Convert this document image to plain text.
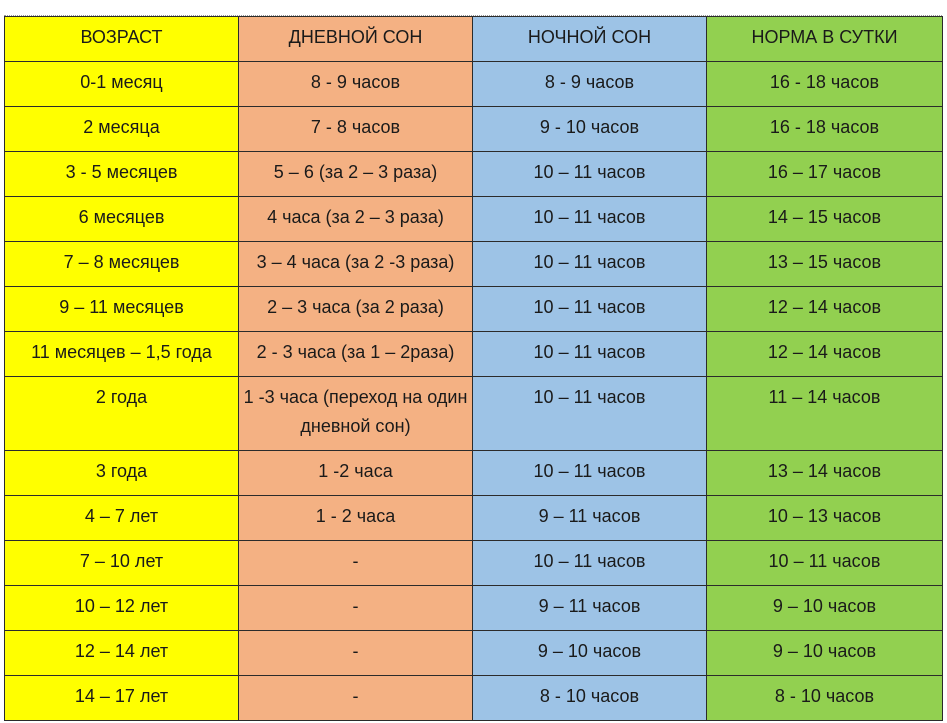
ВОЗРАСТ	ДНЕВНОЙ СОН	НОЧНОЙ СОН	НОРМА В СУТКИ
0-1 месяц	8 - 9 часов	8 - 9 часов	16 - 18 часов
2 месяца	7 - 8 часов	9 - 10 часов	16 - 18 часов
3 - 5 месяцев	5 – 6 (за 2 – 3 раза)	10 – 11 часов	16 – 17 часов
6 месяцев	4 часа (за 2 – 3 раза)	10 – 11 часов	14 – 15 часов
7 – 8 месяцев	3 – 4 часа (за 2 -3 раза)	10 – 11 часов	13 – 15 часов
9 – 11 месяцев	2 – 3 часа (за 2 раза)	10 – 11 часов	12 – 14 часов
11 месяцев – 1,5 года	2 - 3 часа (за 1 – 2раза)	10 – 11 часов	12 – 14 часов
2 года	1 -3 часа (переход на один дневной сон)	10 – 11 часов	11 – 14 часов
3 года	1 -2 часа	10 – 11 часов	13 – 14 часов
4 – 7 лет	1 - 2 часа	9 – 11 часов	10 – 13 часов
7 – 10 лет	-	10 – 11 часов	10 – 11 часов
10 – 12 лет	-	9 – 11 часов	9 – 10 часов
12 – 14 лет	-	9 – 10 часов	9 – 10 часов
14 – 17 лет	-	8 - 10 часов	8 - 10 часов
